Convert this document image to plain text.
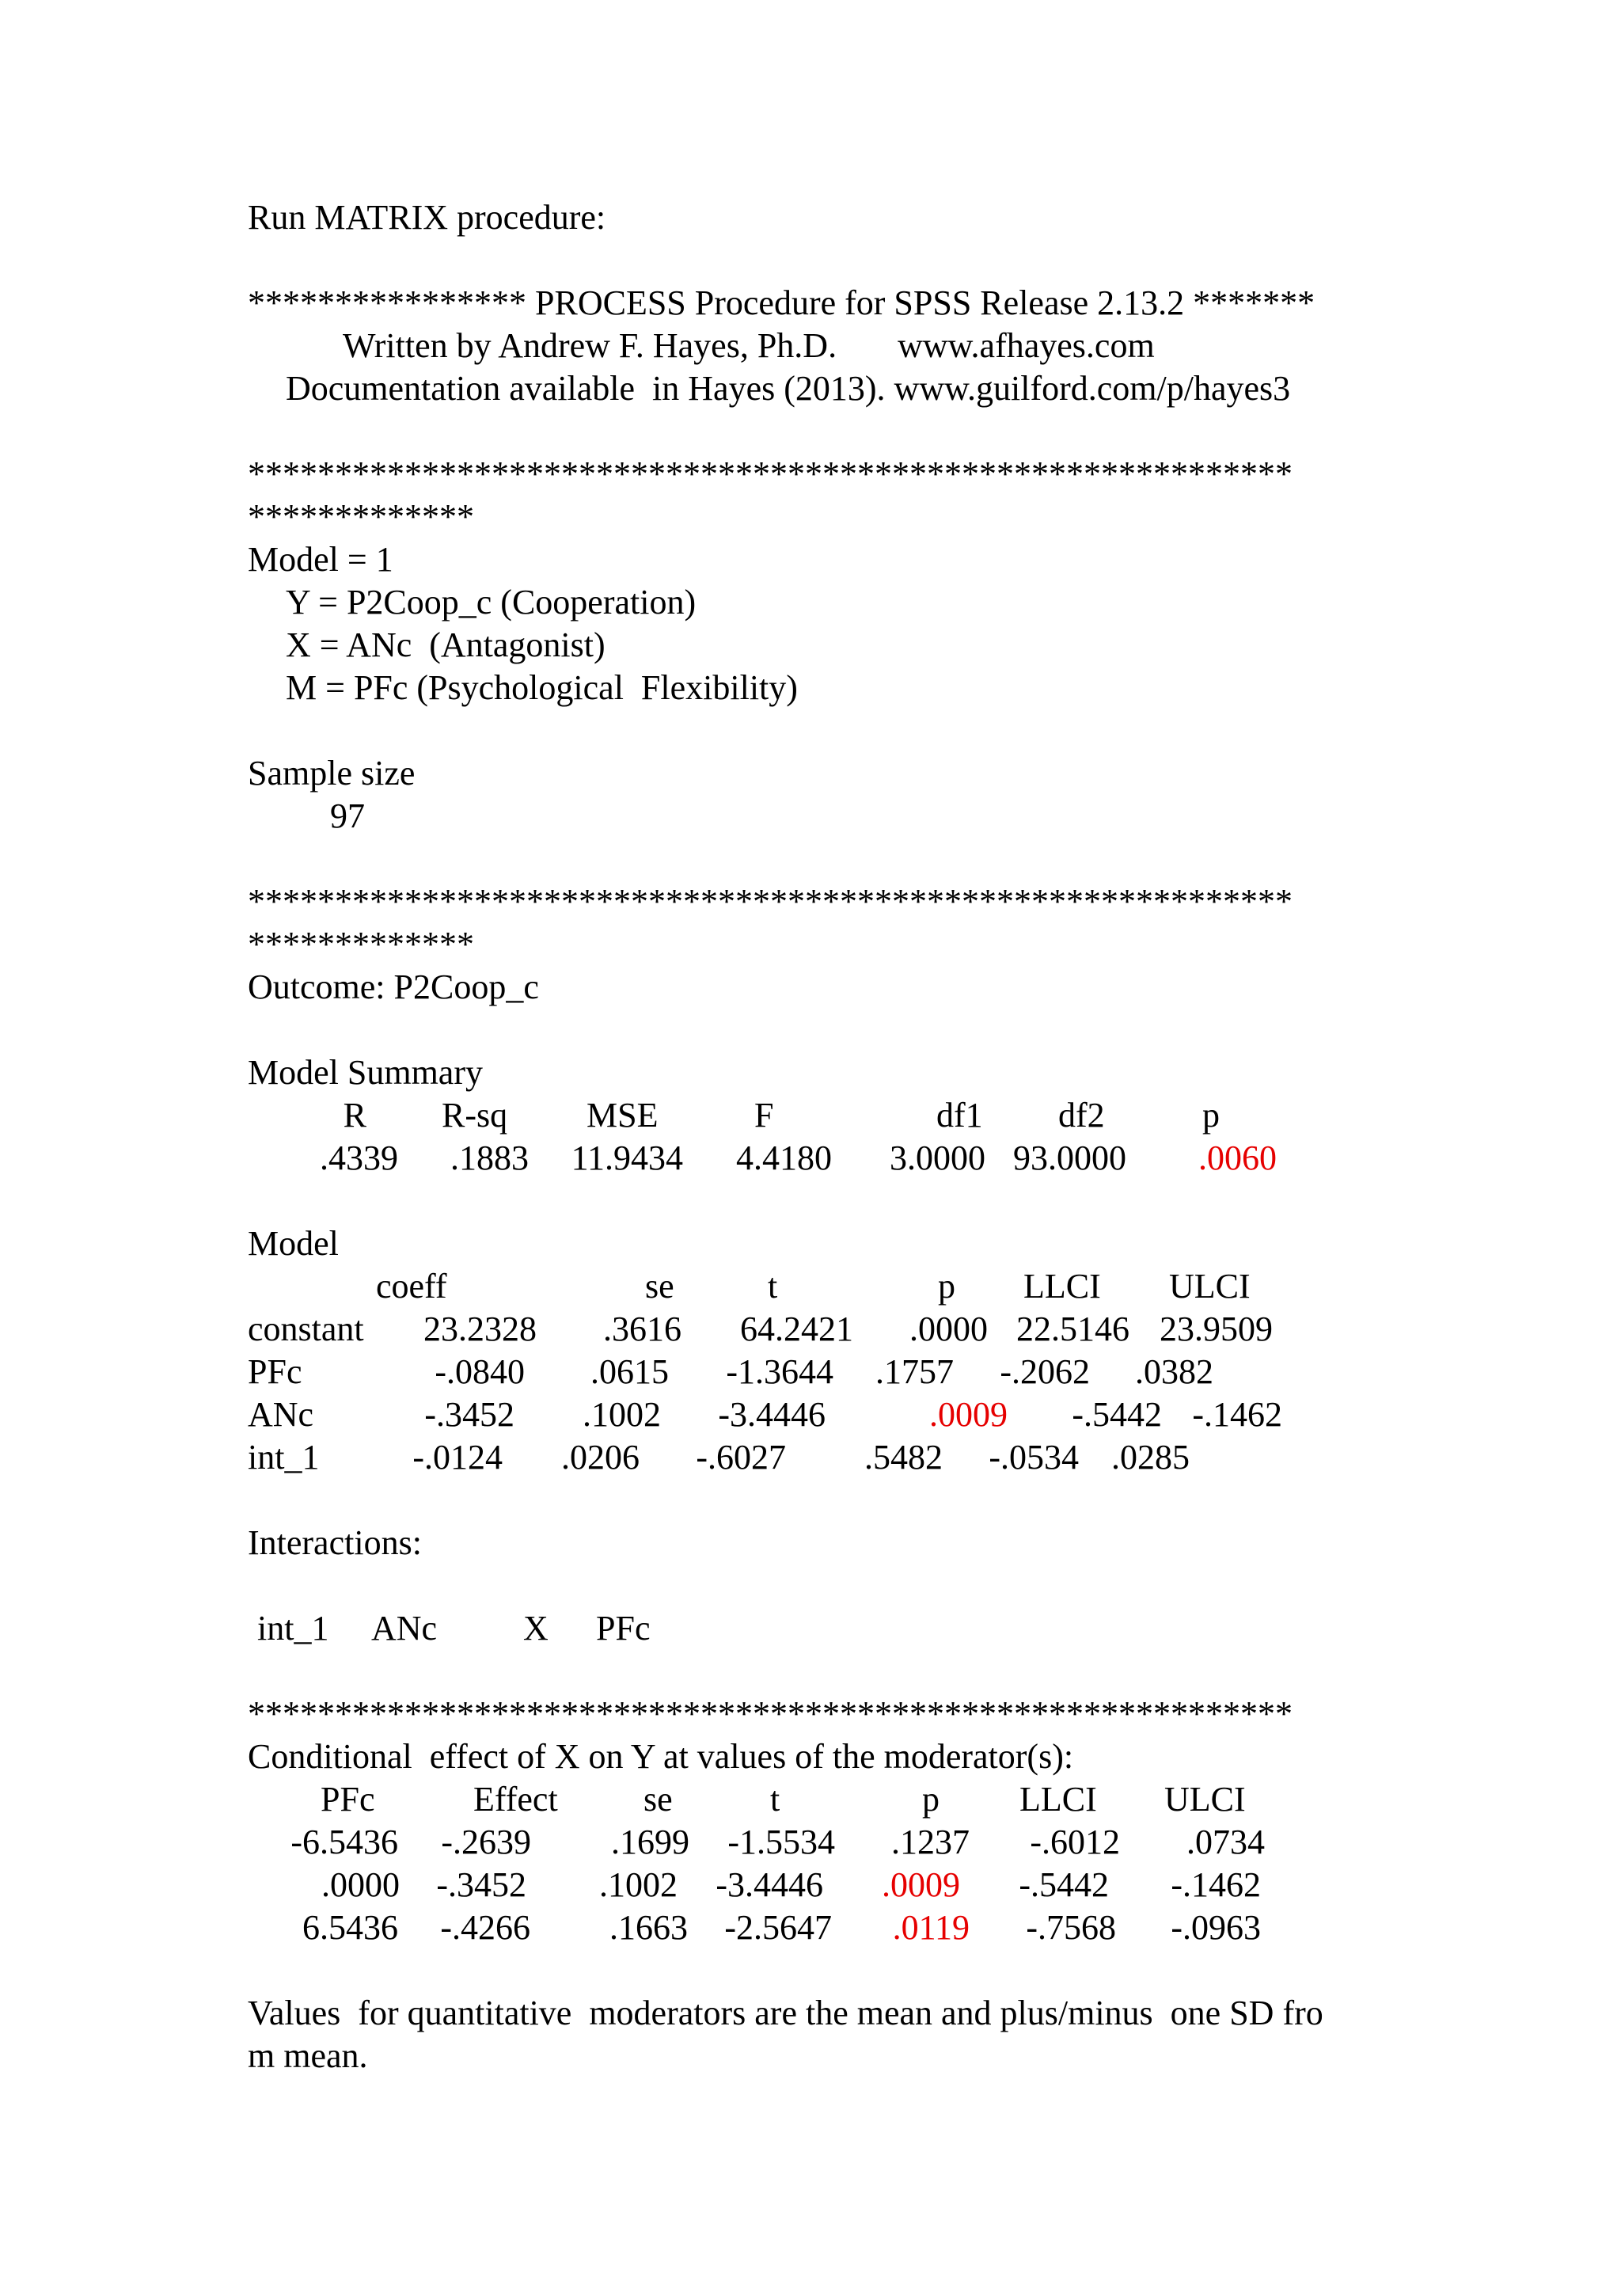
Run MATRIX procedure:
**************** PROCESS Procedure for SPSS Release 2.13.2 *******
Written by Andrew F. Hayes, Ph.D.       www.afhayes.com
Documentation available  in Hayes (2013). www.guilford.com/p/hayes3
************************************************************
*************
Model = 1
Y = P2Coop_c (Cooperation)
X = ANc  (Antagonist)
M = PFc (Psychological  Flexibility)
Sample size
97
************************************************************
*************
Outcome: P2Coop_c
Model Summary
R R-sq MSE	F	df1 df2	p
.4339	.1883	11.9434	4.4180	3.0000 93.0000	.0060
Model
coeff	se	t	p LLCI ULCI
constant	23.2328	.3616	64.2421	.0000 22.5146 23.9509
PFc	-.0840	.0615	-1.3644	.1757	-.2062	.0382
ANc	-.3452	.1002	-3.4446	.0009	-.5442 -.1462
int_1	-.0124	.0206	-.6027	.5482	-.0534 .0285
Interactions:
int_1 ANc X PFc
************************************************************
Conditional  effect of X on Y at values of the moderator(s):
PFc	Effect se	t	p LLCI ULCI
-6.5436	-.2639	.1699	-1.5534	.1237	-.6012	.0734
.0000	-.3452	.1002	-3.4446	.0009	-.5442	-.1462
6.5436	-.4266	.1663	-2.5647	.0119	-.7568	-.0963
Values  for quantitative  moderators are the mean and plus/minus  one SD fro
m mean.
